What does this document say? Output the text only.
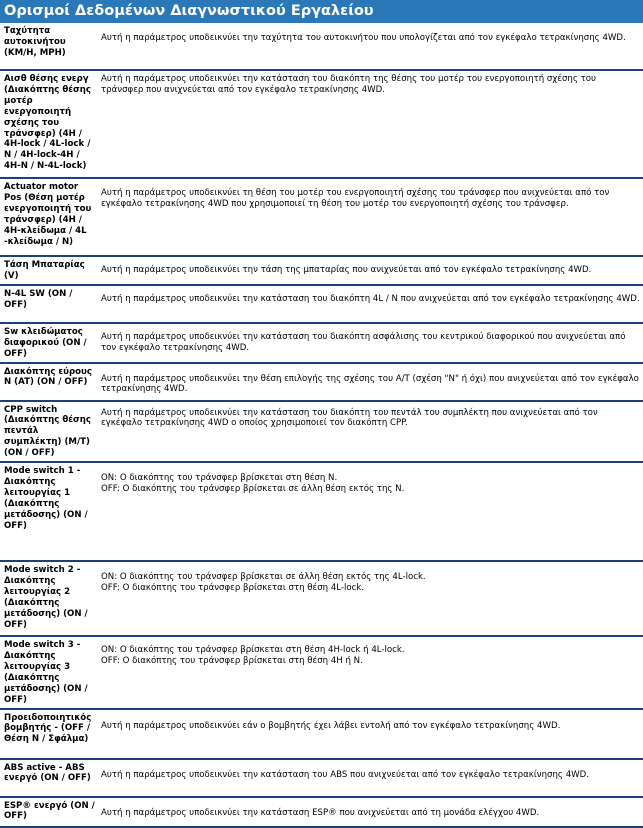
Ορισμοί Δεδομένων Διαγνωστικού Εργαλείου
Ταχύτητα αυτοκινήτου (KM/H, MPH)	Αυτή η παράμετρος υποδεικνύει την ταχύτητα του αυτοκινήτου που υπολογίζεται από τον εγκέφαλο τετρακίνησης 4WD.

Αισθ θέσης ενεργ (Διακόπτης θέσης μοτέρ ενεργοποιητή σχέσης του τράνσφερ) (4H / 4H-lock / 4L-lock / N / 4H-lock-4H / 4H-N / N-4L-lock)	Αυτή η παράμετρος υποδεικνύει την κατάσταση του διακόπτη της θέσης του μοτέρ του ενεργοποιητή σχέσης του τράνσφερ που ανιχνεύεται από τον εγκέφαλο τετρακίνησης 4WD.
Actuator motor Pos (Θέση μοτέρ ενεργοποιητή του τράνσφερ) (4H / 4H-κλείδωμα / 4L -κλείδωμα / N)	Αυτή η παράμετρος υποδεικνύει τη θέση του μοτέρ του ενεργοποιητή σχέσης του τράνσφερ που ανιχνεύεται από τον εγκέφαλο τετρακίνησης 4WD που χρησιμοποιεί τη θέση του μοτέρ του ενεργοποιητή σχέσης του τράνσφερ.

Τάση Μπαταρίας (V)	Αυτή η παράμετρος υποδεικνύει την τάση της μπαταρίας που ανιχνεύεται από τον εγκέφαλο τετρακίνησης 4WD.

N-4L SW (ON / OFF)	Αυτή η παράμετρος υποδεικνύει την κατάσταση του διακόπτη 4L / N που ανιχνεύεται από τον εγκέφαλο τετρακίνησης 4WD.

Sw κλειδώματος διαφορικού (ON / OFF)	Αυτή η παράμετρος υποδεικνύει την κατάσταση του διακόπτη ασφάλισης του κεντρικού διαφορικού που ανιχνεύεται από τον εγκέφαλο τετρακίνησης 4WD.

Διακόπτης εύρους N (AT) (ON / OFF)	Αυτή η παράμετρος υποδεικνύει την θέση επιλογής της σχέσης του A/T (σχέση "N" ή όχι) που ανιχνεύεται από τον εγκέφαλο τετρακίνησης 4WD.

CPP switch (Διακόπτης θέσης πεντάλ συμπλέκτη) (M/T) (ON / OFF)	Αυτή η παράμετρος υποδεικνύει την κατάσταση του διακόπτη του πεντάλ του συμπλέκτη που ανιχνεύεται από τον εγκέφαλο τετρακίνησης 4WD ο οποίος χρησιμοποιεί τον διακόπτη CPP.

Mode switch 1 - Διακόπτης λειτουργίας 1 (Διακόπτης μετάδοσης) (ON / OFF)	ON: Ο διακόπτης του τράνσφερ βρίσκεται στη θέση N.
OFF: Ο διακόπτης του τράνσφερ βρίσκεται σε άλλη θέση εκτός της N.

Mode switch 2 - Διακόπτης λειτουργίας 2 (Διακόπτης μετάδοσης) (ON / OFF)	ON: Ο διακόπτης του τράνσφερ βρίσκεται σε άλλη θέση εκτός της 4L-lock.
OFF: Ο διακόπτης του τράνσφερ βρίσκεται στη θέση 4L-lock.

Mode switch 3 - Διακόπτης λειτουργίας 3 (Διακόπτης μετάδοσης) (ON / OFF)	ON: Ο διακόπτης του τράνσφερ βρίσκεται στη θέση 4H-lock ή 4L-lock.
OFF: Ο διακόπτης του τράνσφερ βρίσκεται στη θέση 4H ή N.

Προειδοποιητικός βομβητής - (OFF / Θέση N / Σφάλμα)	Αυτή η παράμετρος υποδεικνύει εάν ο βομβητής έχει λάβει εντολή από τον εγκέφαλο τετρακίνησης 4WD.

ABS active - ABS ενεργό (ON / OFF)	Αυτή η παράμετρος υποδεικνύει την κατάσταση του ABS που ανιχνεύεται από τον εγκέφαλο τετρακίνησης 4WD.

ESP® ενεργό (ON / OFF)	Αυτή η παράμετρος υποδεικνύει την κατάσταση ESP® που ανιχνεύεται από τη μονάδα ελέγχου 4WD.
